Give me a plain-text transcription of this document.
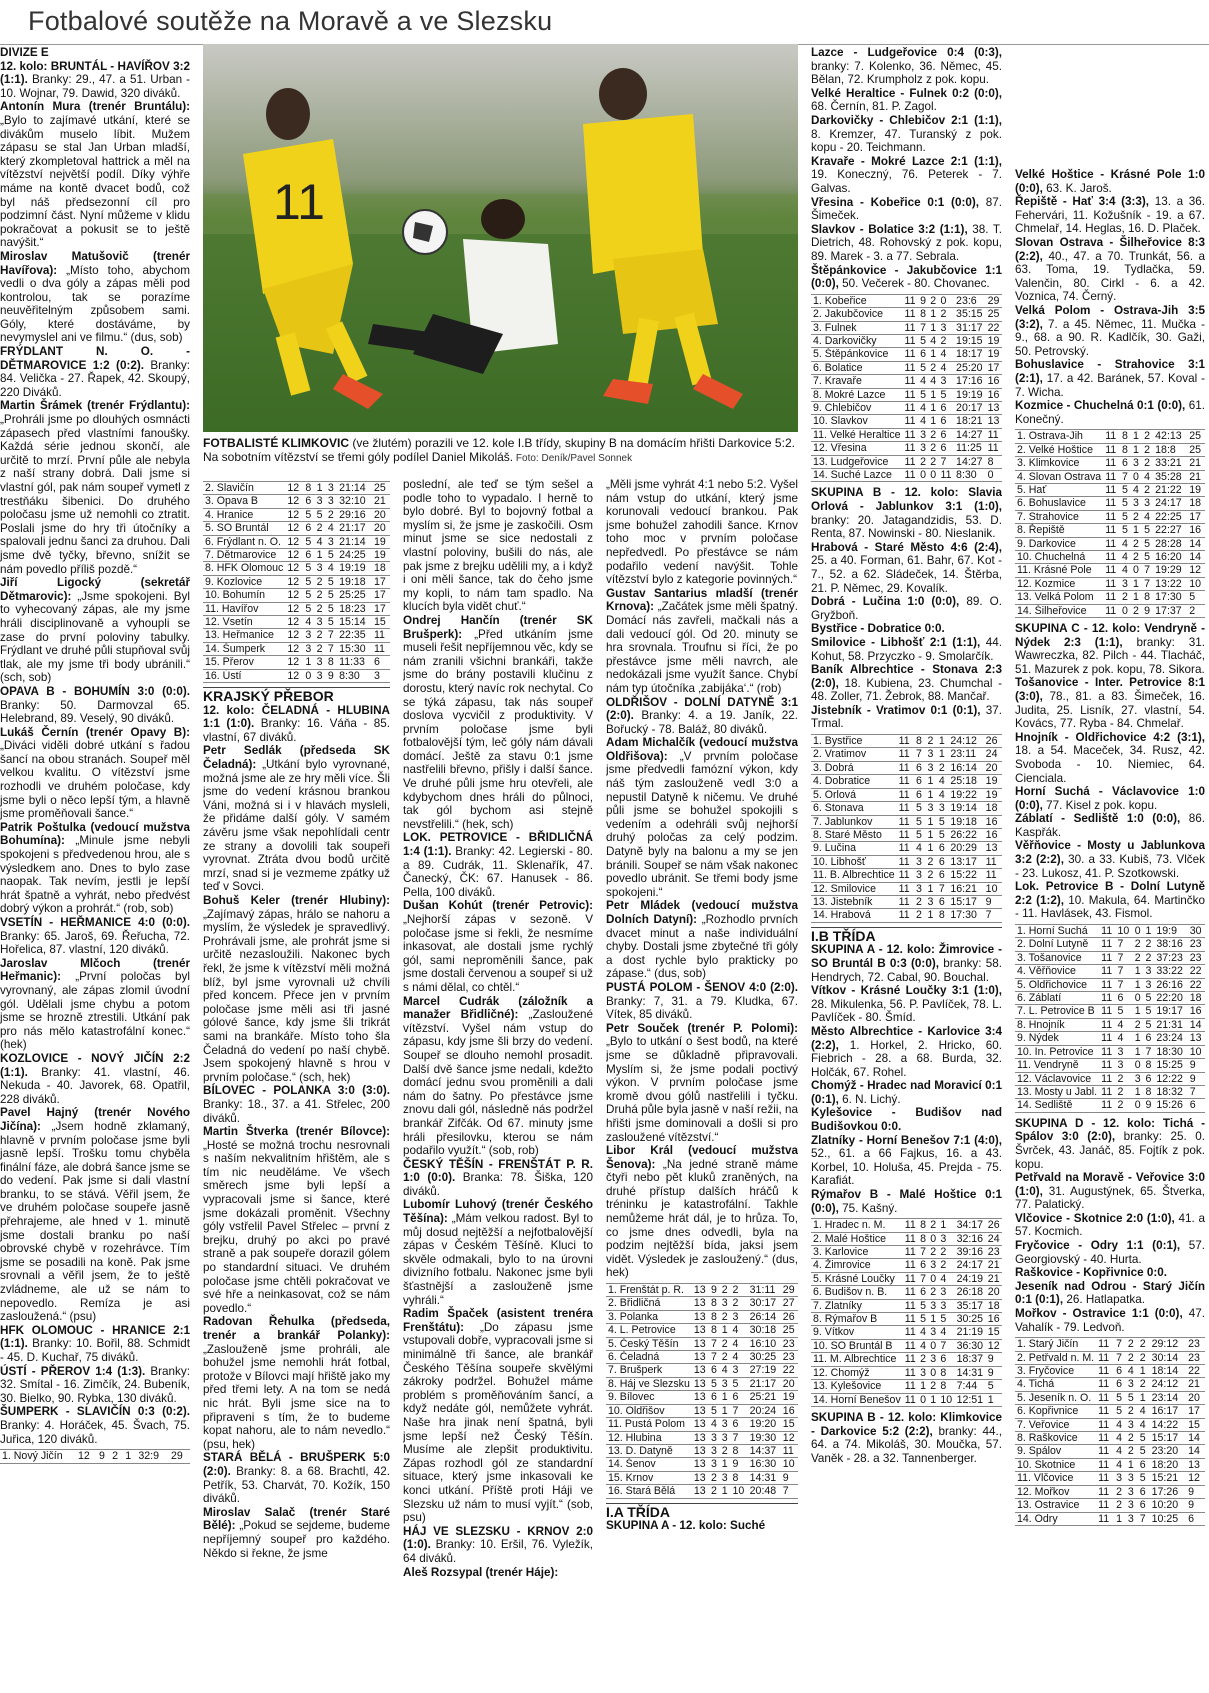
Fotbalové soutěže na Moravě a ve Slezsku

DIVIZE E

12. kolo: BRUNTÁL - HAVÍŘOV 3:2 (1:1). Branky: 29., 47. a 51. Urban - 10. Wojnar, 79. Dawid, 320 diváků.

Antonín Mura (trenér Bruntálu): „Bylo to zajímavé utkání, které se divákům muselo líbit. Mužem zápasu se stal Jan Urban mladší, který zkompletoval hattrick a měl na vítězství největší podíl. Díky výhře máme na kontě dvacet bodů, což byl náš předsezonní cíl pro podzimní část. Nyní můžeme v klidu pokračovat a pokusit se to ještě navýšit.“

Miroslav Matušovič (trenér Havířova): „Místo toho, abychom vedli o dva góly a zápas měli pod kontrolou, tak se porazíme neuvěřitelným způsobem sami. Góly, které dostáváme, by nevymyslel ani ve filmu.“ (dus, sob)

FRÝDLANT N. O. - DĚTMAROVICE 1:2 (0:2). Branky: 84. Velička - 27. Řapek, 42. Skoupý, 220 Diváků.

Martin Šrámek (trenér Frýdlantu): „Prohráli jsme po dlouhých osmnácti zápasech před vlastními fanoušky. Každá série jednou skončí, ale určitě to mrzí. První půle ale nebyla z naší strany dobrá. Dali jsme si vlastní gól, pak nám soupeř vymetl z trestňáku šibenici. Do druhého poločasu jsme už nemohli co ztratit. Poslali jsme do hry tři útočníky a spalovali jednu šanci za druhou. Dali jsme dvě tyčky, břevno, snížit se nám povedlo příliš pozdě.“

Jiří Ligocký (sekretář Dětmarovic): „Jsme spokojeni. Byl to vyhecovaný zápas, ale my jsme hráli disciplinovaně a vyhoupli se zase do první poloviny tabulky. Frýdlant ve druhé půli stupňoval svůj tlak, ale my jsme tři body ubránili.“ (sch, sob)

OPAVA B - BOHUMÍN 3:0 (0:0). Branky: 50. Darmovzal 65. Helebrand, 89. Veselý, 90 diváků.

Lukáš Černín (trenér Opavy B): „Diváci viděli dobré utkání s řadou šancí na obou stranách. Soupeř měl velkou kvalitu. O vítězství jsme rozhodli ve druhém poločase, kdy jsme byli o něco lepší tým, a hlavně jsme proměňovali šance.“

Patrik Poštulka (vedoucí mužstva Bohumína): „Minule jsme nebyli spokojeni s předvedenou hrou, ale s výsledkem ano. Dnes to bylo zase naopak. Tak nevím, jestli je lepší hrát špatně a vyhrát, nebo předvést dobrý výkon a prohrát.“ (rob, sob)

VSETÍN - HEŘMANICE 4:0 (0:0). Branky: 65. Jaroš, 69. Řeřucha, 72. Hořelica, 87. vlastní, 120 diváků.

Jaroslav Mlčoch (trenér Heřmanic): „První poločas byl vyrovnaný, ale zápas zlomil úvodní gól. Udělali jsme chybu a potom jsme se hrozně ztrestili. Utkání pak pro nás mělo katastrofální konec.“ (hek)

KOZLOVICE - NOVÝ JIČÍN 2:2 (1:1). Branky: 41. vlastní, 46. Nekuda - 40. Javorek, 68. Opatřil, 228 diváků.

Pavel Hajný (trenér Nového Jičína): „Jsem hodně zklamaný, hlavně v prvním poločase jsme byli jasně lepší. Trošku tomu chyběla finální fáze, ale dobrá šance jsme se do vedení. Pak jsme si dali vlastní branku, to se stává. Věřil jsem, že ve druhém poločase soupeře jasně přehrajeme, ale hned v 1. minutě jsme dostali branku po naší obrovské chybě v rozehrávce. Tím jsme se posadili na koně. Pak jsme srovnali a věřil jsem, že to ještě zvládneme, ale už se nám to nepovedlo. Remíza je asi zasloužená.“ (psu)

HFK OLOMOUC - HRANICE 2:1 (1:1). Branky: 10. Bořil, 88. Schmidt - 45. D. Kuchař, 75 diváků.

ÚSTÍ - PŘEROV 1:4 (1:3). Branky: 32. Smítal - 16. Zimčík, 24. Bubeník, 30. Bielko, 90. Rybka, 130 diváků.

ŠUMPERK - SLAVIČÍN 0:3 (0:2). Branky: 4. Horáček, 45. Švach, 75. Juřica, 120 diváků.

1. Nový Jičín	12	9	2	1	32:9	29
11
FOTBALISTÉ KLIMKOVIC (ve žlutém) porazili ve 12. kole I.B třídy, skupiny B na domácím hřišti Darkovice 5:2. Na sobotním vítězství se třemi góly podílel Daniel Mikoláš. Foto: Deník/Pavel Sonnek
2. Slavičín	12	8	1	3	21:14	25
3. Opava B	12	6	3	3	32:10	21
4. Hranice	12	5	5	2	29:16	20
5. SO Bruntál	12	6	2	4	21:17	20
6. Frýdlant n. O.	12	5	4	3	21:14	19
7. Dětmarovice	12	6	1	5	24:25	19
8. HFK Olomouc	12	5	3	4	19:19	18
9. Kozlovice	12	5	2	5	19:18	17
10. Bohumín	12	5	2	5	25:25	17
11. Havířov	12	5	2	5	18:23	17
12. Vsetín	12	4	3	5	15:14	15
13. Heřmanice	12	3	2	7	22:35	11
14. Šumperk	12	3	2	7	15:30	11
15. Přerov	12	1	3	8	11:33	6
16. Ústí	12	0	3	9	8:30	3
KRAJSKÝ PŘEBOR

12. kolo: ČELADNÁ - HLUBINA 1:1 (1:0). Branky: 16. Váňa - 85. vlastní, 67 diváků.

Petr Sedlák (předseda SK Čeladná): „Utkání bylo vyrovnané, možná jsme ale ze hry měli více. Šli jsme do vedení krásnou brankou Váni, možná si i v hlavách mysleli, že přidáme další góly. V samém závěru jsme však nepohlídali centr ze strany a dovolili tak soupeři vyrovnat. Ztráta dvou bodů určitě mrzí, snad si je vezmeme zpátky už teď v Sovci.

Bohuš Keler (trenér Hlubiny): „Zajímavý zápas, hrálo se nahoru a myslím, že výsledek je spravedlivý. Prohrávali jsme, ale prohrát jsme si určitě nezasloužili. Nakonec bych řekl, že jsme k vítězství měli možná blíž, byl jsme vyrovnali už chvíli před koncem. Přece jen v prvním poločase jsme měli asi tři jasné gólové šance, kdy jsme šli trikrát sami na brankáře. Místo toho šla Čeladná do vedení po naší chybě. Jsem spokojený hlavně s hrou v prvním poločase.“ (sch, hek)

BÍLOVEC - POLANKA 3:0 (3:0). Branky: 18., 37. a 41. Střelec, 200 diváků.

Martin Štverka (trenér Bílovce): „Hosté se možná trochu nesrovnali s naším nekvalitním hřištěm, ale s tím nic neuděláme. Ve všech směrech jsme byli lepší a vypracovali jsme si šance, které jsme dokázali proměnit. Všechny góly vstřelil Pavel Střelec – první z brejku, druhý po akci po pravé straně a pak soupeře dorazil gólem po standardní situaci. Ve druhém poločase jsme chtěli pokračovat ve své hře a neinkasovat, což se nám povedlo.“

Radovan Řehulka (předseda, trenér a brankář Polanky): „Zaslouženě jsme prohráli, ale bohužel jsme nemohli hrát fotbal, protože v Bílovci mají hřiště jako my před třemi lety. A na tom se nedá nic hrát. Byli jsme sice na to připraveni s tím, že to budeme kopat nahoru, ale to nám nevedlo.“ (psu, hek)

STARÁ BĚLÁ - BRUŠPERK 5:0 (2:0). Branky: 8. a 68. Brachtl, 42. Petřík, 53. Charvát, 70. Kožík, 150 diváků.

Miroslav Salač (trenér Staré Bělé): „Pokud se sejdeme, budeme nepříjemný soupeř pro každého. Někdo si řekne, že jsme

poslední, ale teď se tým sešel a podle toho to vypadalo. I herně to bylo dobré. Byl to bojovný fotbal a myslím si, že jsme je zaskočili. Osm minut jsme se sice nedostali z vlastní poloviny, bušili do nás, ale pak jsme z brejku udělili my, a i když i oni měli šance, tak do čeho jsme my kopli, to nám tam spadlo. Na klucích byla vidět chuť.“

Ondrej Hančín (trenér SK Brušperk): „Před utkáním jsme museli řešit nepříjemnou věc, kdy se nám zranili všichni brankáři, takže jsme do brány postavili klučinu z dorostu, který navíc rok nechytal. Co se týká zápasu, tak nás soupeř doslova vycvičil z produktivity. V prvním poločase jsme byli fotbalovější tým, leč góly nám dávali domácí. Ještě za stavu 0:1 jsme nastřelili břevno, přišly i další šance. Ve druhé půli jsme hru otevřeli, ale kdybychom dnes hráli do půlnoci, tak gól bychom asi stejně nevstřelili.“ (hek, sch)

LOK. PETROVICE - BŘIDLIČNÁ 1:4 (1:1). Branky: 42. Legierski - 80. a 89. Cudrák, 11. Sklenařík, 47. Čanecký, ČK: 67. Hanusek - 86. Pella, 100 diváků.

Dušan Kohút (trenér Petrovic): „Nejhorší zápas v sezoně. V poločase jsme si řekli, že nesmíme inkasovat, ale dostali jsme rychlý gól, sami neproměnili šance, pak jsme dostali červenou a soupeř si už s námi dělal, co chtěl.“

Marcel Cudrák (záložník a manažer Břidličné): „Zasloužené vítězství. Vyšel nám vstup do zápasu, kdy jsme šli brzy do vedení. Soupeř se dlouho nemohl prosadit. Další dvě šance jsme nedali, kdežto domácí jednu svou proměnili a dali nám do šatny. Po přestávce jsme znovu dali gól, následně nás podržel brankář Zifčák. Od 67. minuty jsme hráli přesilovku, kterou se nám podařilo využít.“ (sob, rob)

ČESKÝ TĚŠÍN - FRENŠTÁT P. R. 1:0 (0:0). Branka: 78. Šiška, 120 diváků.

Lubomír Luhový (trenér Českého Těšína): „Mám velkou radost. Byl to můj dosud nejtěžší a nejfotbalovější zápas v Českém Těšíně. Kluci to skvěle odmakali, bylo to na úrovni divizního fotbalu. Nakonec jsme byli šťastnější a zaslouženě jsme vyhráli.“

Radim Špaček (asistent trenéra Frenštátu): „Do zápasu jsme vstupovali dobře, vypracovali jsme si minimálně tři šance, ale brankář Českého Těšína soupeře skvělými zákroky podržel. Bohužel máme problém s proměňováním šancí, a když nedáte gól, nemůžete vyhrát. Naše hra jinak není špatná, byli jsme lepší než Český Těšín. Musíme ale zlepšit produktivitu. Zápas rozhodl gól ze standardní situace, který jsme inkasovali ke konci utkání. Příště proti Háji ve Slezsku už nám to musí vyjít.“ (sob, psu)

HÁJ VE SLEZSKU - KRNOV 2:0 (1:0). Branky: 10. Eršil, 76. Vyležík, 64 diváků.

Aleš Rozsypal (trenér Háje):

„Měli jsme vyhrát 4:1 nebo 5:2. Vyšel nám vstup do utkání, který jsme korunovali vedoucí brankou. Pak jsme bohužel zahodili šance. Krnov toho moc v prvním poločase nepředvedl. Po přestávce se nám podařilo vedení navýšit. Tohle vítězství bylo z kategorie povinných.“

Gustav Santarius mladší (trenér Krnova): „Začátek jsme měli špatný. Domácí nás zavřeli, mačkali nás a dali vedoucí gól. Od 20. minuty se hra srovnala. Troufnu si říci, že po přestávce jsme měli navrch, ale nedokázali jsme využít šance. Chybí nám typ útočníka ‚zabijáka‘.“ (rob)

OLDŘIŠOV - DOLNÍ DATYNĚ 3:1 (2:0). Branky: 4. a 19. Janík, 22. Bořucký - 78. Baláž, 80 diváků.

Adam Michalčík (vedoucí mužstva Oldřišova): „V prvním poločase jsme předvedli famózní výkon, kdy náš tým zaslouženě vedl 3:0 a nepustil Datyně k ničemu. Ve druhé půli jsme se bohužel spokojili s vedením a odehráli svůj nejhorší druhý poločas za celý podzim. Datyně byly na balonu a my se jen bránili. Soupeř se nám však nakonec povedlo ubránit. Se třemi body jsme spokojeni.“

Petr Mládek (vedoucí mužstva Dolních Datyní): „Rozhodlo prvních dvacet minut a naše individuální chyby. Dostali jsme zbytečné tři góly a dost rychle bylo prakticky po zápase.“ (dus, sob)

PUSTÁ POLOM - ŠENOV 4:0 (2:0). Branky: 7, 31. a 79. Kludka, 67. Vítek, 85 diváků.

Petr Souček (trenér P. Polomi): „Bylo to utkání o šest bodů, na které jsme se důkladně připravovali. Myslím si, že jsme podali poctivý výkon. V prvním poločase jsme kromě dvou gólů nastřelili i tyčku. Druhá půle byla jasně v naší režii, na hřišti jsme dominovali a došli si pro zasloužené vítězství.“

Libor Král (vedoucí mužstva Šenova): „Na jedné straně máme čtyři nebo pět kluků zraněných, na druhé přístup dalších hráčů k tréninku je katastrofální. Takhle nemůžeme hrát dál, je to hrůza. To, co jsme dnes odvedli, byla na podzim nejtěžší bída, jaksi jsem vidět. Výsledek je zasloužený.“ (dus, hek)

1. Frenštát p. R.	13	9	2	2	31:11	29
2. Břidličná	13	8	3	2	30:17	27
3. Polanka	13	8	2	3	26:14	26
4. L. Petrovice	13	8	1	4	30:18	25
5. Český Těšín	13	7	2	4	16:10	23
6. Čeladná	13	7	2	4	30:25	23
7. Brušperk	13	6	4	3	27:19	22
8. Háj ve Slezsku	13	5	3	5	21:17	20
9. Bílovec	13	6	1	6	25:21	19
10. Oldřišov	13	5	1	7	20:24	16
11. Pustá Polom	13	4	3	6	19:20	15
12. Hlubina	13	3	3	7	19:30	12
13. D. Datyně	13	3	2	8	14:37	11
14. Šenov	13	3	1	9	16:30	10
15. Krnov	13	2	3	8	14:31	9
16. Stará Bělá	13	2	1	10	20:48	7
I.A TŘÍDA

SKUPINA A - 12. kolo: Suché

Lazce - Ludgeřovice 0:4 (0:3), branky: 7. Kolenko, 36. Němec, 45. Bělan, 72. Krumpholz z pok. kopu.

Velké Heraltice - Fulnek 0:2 (0:0), 68. Černín, 81. P. Zagol.

Darkovičky - Chlebičov 2:1 (1:1), 8. Kremzer, 47. Turanský z pok. kopu - 20. Teichmann.

Kravaře - Mokré Lazce 2:1 (1:1), 19. Koneczný, 76. Peterek - 7. Galvas.

Vřesina - Kobeřice 0:1 (0:0), 87. Šimeček.

Slavkov - Bolatice 3:2 (1:1), 38. T. Dietrich, 48. Rohovský z pok. kopu, 89. Marek - 3. a 77. Sebrala.

Štěpánkovice - Jakubčovice 1:1 (0:0), 50. Večerek - 80. Chovanec.

1. Kobeřice	11	9	2	0	23:6	29
2. Jakubčovice	11	8	1	2	35:15	25
3. Fulnek	11	7	1	3	31:17	22
4. Darkovičky	11	5	4	2	19:15	19
5. Štěpánkovice	11	6	1	4	18:17	19
6. Bolatice	11	5	2	4	25:20	17
7. Kravaře	11	4	4	3	17:16	16
8. Mokré Lazce	11	5	1	5	19:19	16
9. Chlebičov	11	4	1	6	20:17	13
10. Slavkov	11	4	1	6	18:21	13
11. Velké Heraltice	11	3	2	6	14:27	11
12. Vřesina	11	3	2	6	11:25	11
13. Ludgeřovice	11	2	2	7	14:27	8
14. Suché Lazce	11	0	0	11	8:30	0

SKUPINA B - 12. kolo: Slavia Orlová - Jablunkov 3:1 (1:0), branky: 20. Jatagandzidis, 53. D. Renta, 87. Nowinski - 80. Nieslanik.

Hrabová - Staré Město 4:6 (2:4), 25. a 40. Forman, 61. Bahr, 67. Kot - 7., 52. a 62. Sládeček, 14. Štěrba, 21. P. Němec, 29. Kovalík.

Dobrá - Lučina 1:0 (0:0), 89. O. Gryžboň.

Bystřice - Dobratice 0:0.

Smilovice - Libhošť 2:1 (1:1), 44. Kohut, 58. Przyczko - 9. Smolarčík.

Baník Albrechtice - Stonava 2:3 (2:0), 18. Kubiena, 23. Chumchal - 48. Zoller, 71. Žebrok, 88. Mančař.

Jistebník - Vratimov 0:1 (0:1), 37. Trmal.

1. Bystřice	11	8	2	1	24:12	26
2. Vratimov	11	7	3	1	23:11	24
3. Dobrá	11	6	3	2	16:14	20
4. Dobratice	11	6	1	4	25:18	19
5. Orlová	11	6	1	4	19:22	19
6. Stonava	11	5	3	3	19:14	18
7. Jablunkov	11	5	1	5	19:18	16
8. Staré Město	11	5	1	5	26:22	16
9. Lučina	11	4	1	6	20:29	13
10. Libhošť	11	3	2	6	13:17	11
11. B. Albrechtice	11	3	2	6	15:22	11
12. Smilovice	11	3	1	7	16:21	10
13. Jistebník	11	2	3	6	15:17	9
14. Hrabová	11	2	1	8	17:30	7
I.B TŘÍDA

SKUPINA A - 12. kolo: Žimrovice - SO Bruntál B 0:3 (0:0), branky: 58. Hendrych, 72. Cabal, 90. Bouchal.

Vítkov - Krásné Loučky 3:1 (1:0), 28. Mikulenka, 56. P. Pavlíček, 78. L. Pavlíček - 80. Šmíd.

Město Albrechtice - Karlovice 3:4 (2:2), 1. Horkel, 2. Hricko, 60. Fiebrich - 28. a 68. Burda, 32. Holčák, 67. Rohel.

Chomýž - Hradec nad Moravicí 0:1 (0:1), 6. N. Lichý.

Kylešovice - Budišov nad Budišovkou 0:0.

Zlatníky - Horní Benešov 7:1 (4:0), 52., 61. a 66 Fajkus, 16. a 43. Korbel, 10. Holuša, 45. Prejda - 75. Karafiát.

Rýmařov B - Malé Hoštice 0:1 (0:0), 75. Kašný.

1. Hradec n. M.	11	8	2	1	34:17	26
2. Malé Hoštice	11	8	0	3	32:16	24
3. Karlovice	11	7	2	2	39:16	23
4. Žimrovice	11	6	3	2	24:17	21
5. Krásné Loučky	11	7	0	4	24:19	21
6. Budišov n. B.	11	6	2	3	26:18	20
7. Zlatníky	11	5	3	3	35:17	18
8. Rýmařov B	11	5	1	5	30:25	16
9. Vítkov	11	4	3	4	21:19	15
10. SO Bruntál B	11	4	0	7	36:30	12
11. M. Albrechtice	11	2	3	6	18:37	9
12. Chomýž	11	3	0	8	14:31	9
13. Kylešovice	11	1	2	8	7:44	5
14. Horní Benešov	11	0	1	10	12:51	1

SKUPINA B - 12. kolo: Klimkovice - Darkovice 5:2 (2:2), branky: 44., 64. a 74. Mikoláš, 30. Moučka, 57. Vaněk - 28. a 32. Tannenberger.

Velké Hoštice - Krásné Pole 1:0 (0:0), 63. K. Jaroš.

Řepiště - Hať 3:4 (3:3), 13. a 36. Fehervári, 11. Kožušník - 19. a 67. Chmelař, 14. Heglas, 16. D. Plaček.

Slovan Ostrava - Šilheřovice 8:3 (2:2), 40., 47. a 70. Trunkát, 56. a 63. Toma, 19. Tydlačka, 59. Valenčin, 80. Cirkl - 6. a 42. Voznica, 74. Černý.

Velká Polom - Ostrava-Jih 3:5 (3:2), 7. a 45. Němec, 11. Mučka - 9., 68. a 90. R. Kadlčík, 30. Gaži, 50. Petrovský.

Bohuslavice - Strahovice 3:1 (2:1), 17. a 42. Baránek, 57. Koval - 7. Wicha.

Kozmice - Chuchelná 0:1 (0:0), 61. Konečný.

1. Ostrava-Jih	11	8	1	2	42:13	25
2. Velké Hoštice	11	8	1	2	18:8	25
3. Klimkovice	11	6	3	2	33:21	21
4. Slovan Ostrava	11	7	0	4	35:28	21
5. Hať	11	5	4	2	21:22	19
6. Bohuslavice	11	5	3	3	24:17	18
7. Strahovice	11	5	2	4	22:25	17
8. Řepiště	11	5	1	5	22:27	16
9. Darkovice	11	4	2	5	28:28	14
10. Chuchelná	11	4	2	5	16:20	14
11. Krásné Pole	11	4	0	7	19:29	12
12. Kozmice	11	3	1	7	13:22	10
13. Velká Polom	11	2	1	8	17:30	5
14. Šilheřovice	11	0	2	9	17:37	2

SKUPINA C - 12. kolo: Vendryně - Nýdek 2:3 (1:1), branky: 31. Wawreczka, 82. Pilch - 44. Tlacháč, 51. Mazurek z pok. kopu, 78. Sikora.

Tošanovice - Inter. Petrovice 8:1 (3:0), 78., 81. a 83. Šimeček, 16. Judita, 25. Lisník, 27. vlastní, 54. Kovács, 77. Ryba - 84. Chmelař.

Hnojník - Oldřichovice 4:2 (3:1), 18. a 54. Maceček, 34. Rusz, 42. Svoboda - 10. Niemiec, 64. Cienciala.

Horní Suchá - Václavovice 1:0 (0:0), 77. Kisel z pok. kopu.

Záblatí - Sedliště 1:0 (0:0), 86. Kaspřák.

Věřňovice - Mosty u Jablunkova 3:2 (2:2), 30. a 33. Kubiš, 73. Vlček - 23. Lukosz, 41. P. Szotkowski.

Lok. Petrovice B - Dolní Lutyně 2:2 (1:2), 10. Makula, 64. Martinčko - 11. Havlásek, 43. Fismol.

1. Horní Suchá	11	10	0	1	19:9	30
2. Dolní Lutyně	11	7	2	2	38:16	23
3. Tošanovice	11	7	2	2	37:23	23
4. Věřňovice	11	7	1	3	33:22	22
5. Oldřichovice	11	7	1	3	26:16	22
6. Záblatí	11	6	0	5	22:20	18
7. L. Petrovice B	11	5	1	5	19:17	16
8. Hnojník	11	4	2	5	21:31	14
9. Nýdek	11	4	1	6	23:24	13
10. In. Petrovice	11	3	1	7	18:30	10
11. Vendryně	11	3	0	8	15:25	9
12. Václavovice	11	2	3	6	12:22	9
13. Mosty u Jabl.	11	2	1	8	18:32	7
14. Sedliště	11	2	0	9	15:26	6

SKUPINA D - 12. kolo: Tichá - Spálov 3:0 (2:0), branky: 25. 0. Švrček, 43. Janáč, 85. Fojtík z pok. kopu.

Petřvald na Moravě - Veřovice 3:0 (1:0), 31. Augustýnek, 65. Štverka, 77. Palatický.

Vlčovice - Skotnice 2:0 (1:0), 41. a 57. Kocmich.

Fryčovice - Odry 1:1 (0:1), 57. Georgiovský - 40. Hurta.

Raškovice - Kopřivnice 0:0.

Jeseník nad Odrou - Starý Jičín 0:1 (0:1), 26. Hatlapatka.

Mořkov - Ostravice 1:1 (0:0), 47. Vahalík - 79. Ledvoň.

1. Starý Jičín	11	7	2	2	29:12	23
2. Petřvald n. M.	11	7	2	2	30:14	23
3. Fryčovice	11	6	4	1	18:14	22
4. Tichá	11	6	3	2	24:12	21
5. Jeseník n. O.	11	5	5	1	23:14	20
6. Kopřivnice	11	5	2	4	16:17	17
7. Veřovice	11	4	3	4	14:22	15
8. Raškovice	11	4	2	5	15:17	14
9. Spálov	11	4	2	5	23:20	14
10. Skotnice	11	4	1	6	18:20	13
11. Vlčovice	11	3	3	5	15:21	12
12. Mořkov	11	2	3	6	17:26	9
13. Ostravice	11	2	3	6	10:20	9
14. Odry	11	1	3	7	10:25	6
